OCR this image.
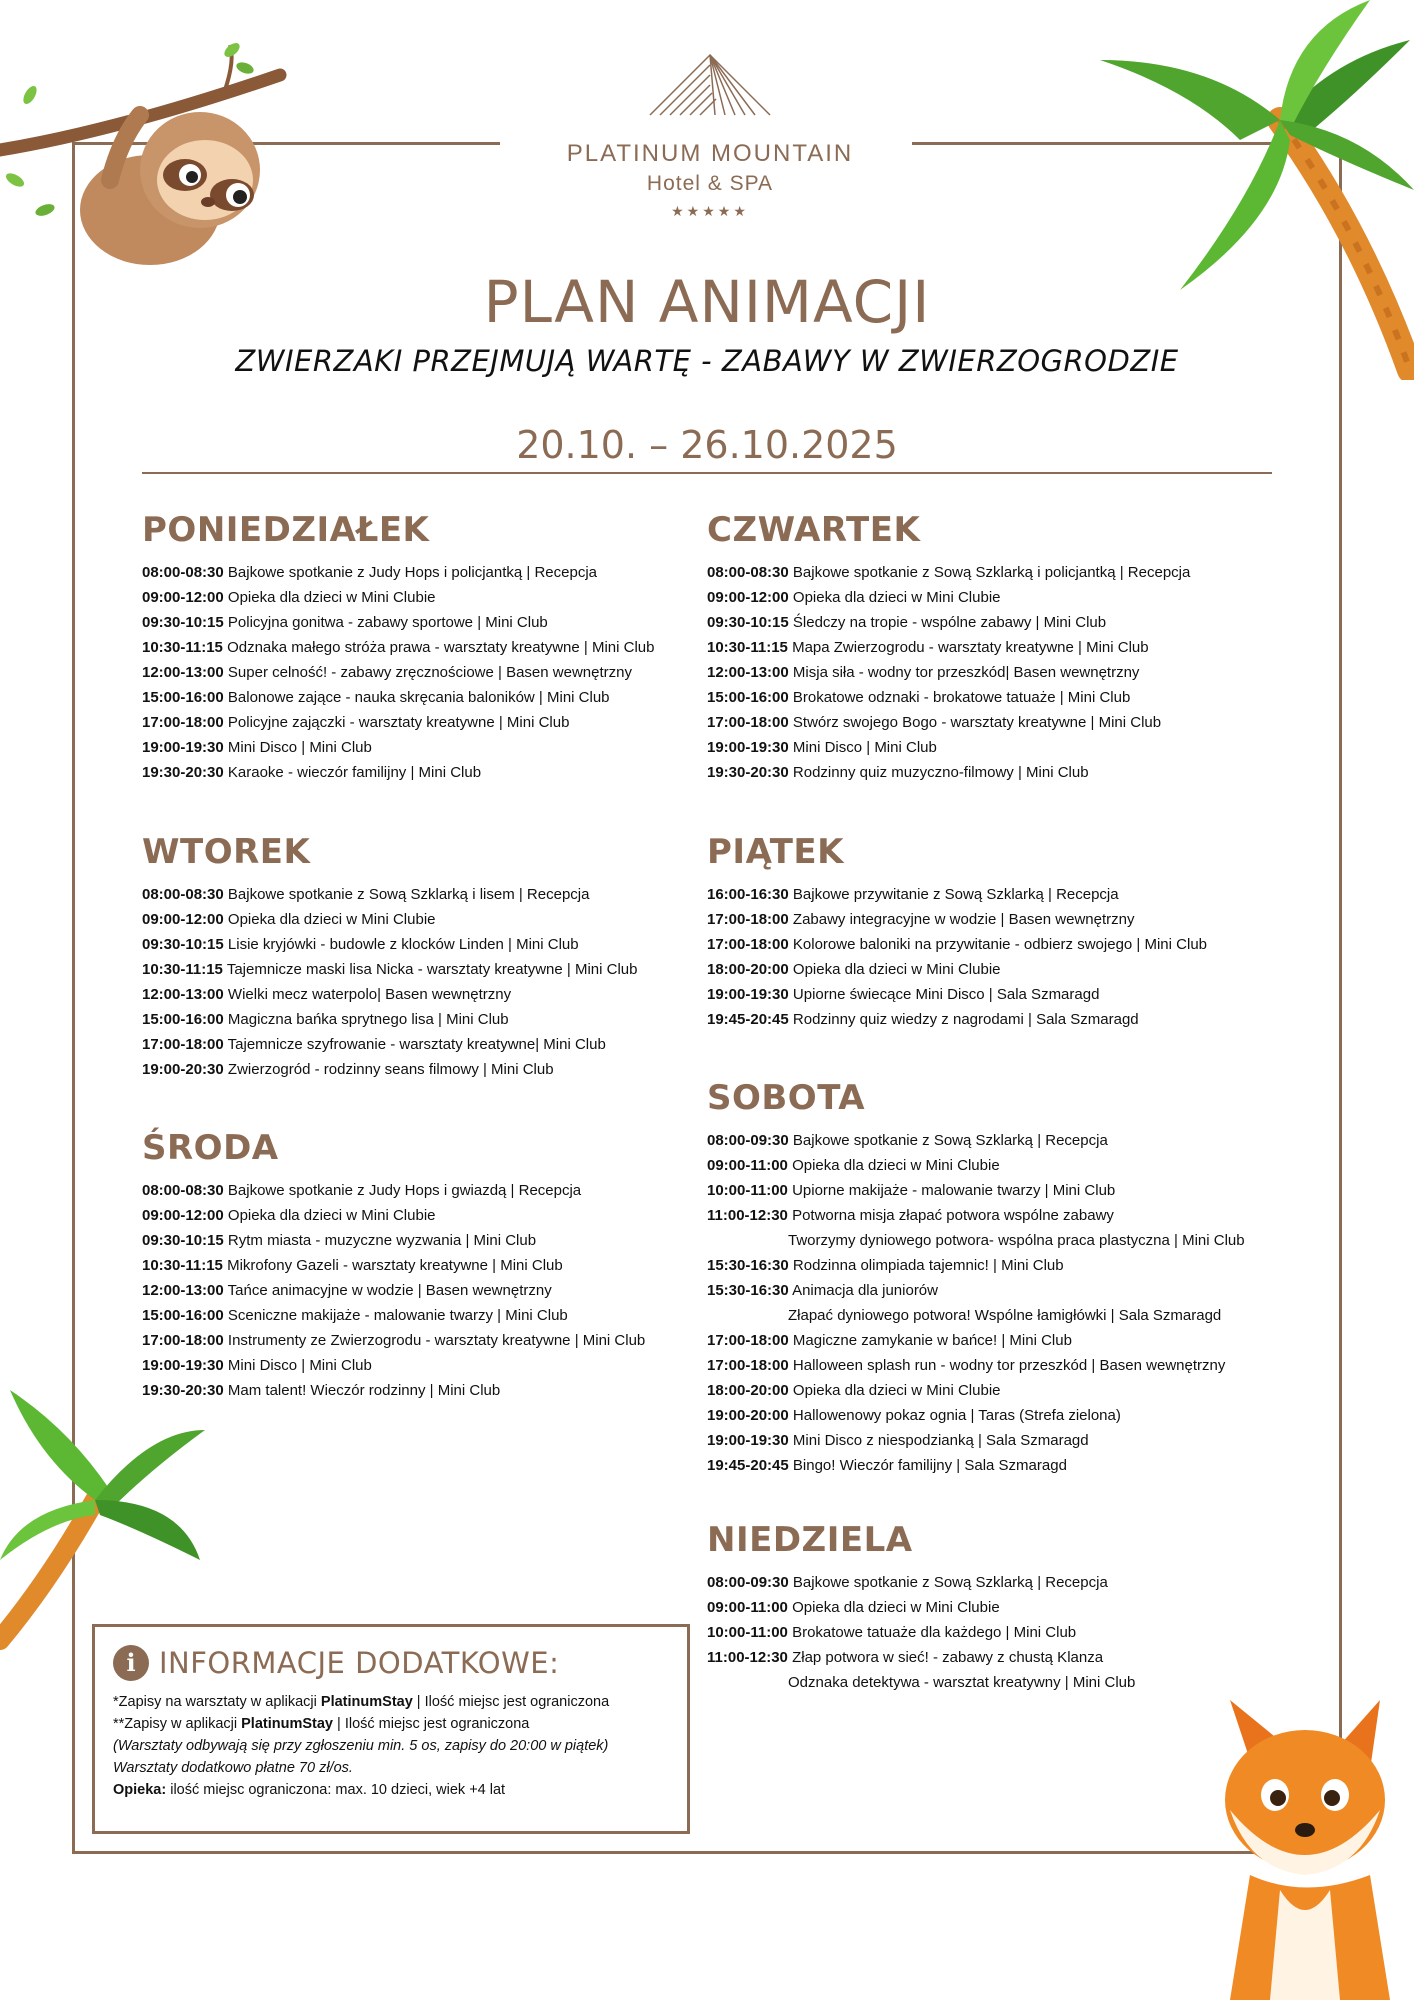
PLATINUM MOUNTAIN
Hotel & SPA
★★★★★
PLAN ANIMACJI
ZWIERZAKI PRZEJMUJĄ WARTĘ - ZABAWY W ZWIERZOGRODZIE
20.10. – 26.10.2025
PONIEDZIAŁEK
08:00-08:30 Bajkowe spotkanie z Judy Hops i policjantką | Recepcja
09:00-12:00 Opieka dla dzieci w Mini Clubie
09:30-10:15 Policyjna gonitwa - zabawy sportowe | Mini Club
10:30-11:15 Odznaka małego stróża prawa - warsztaty kreatywne | Mini Club
12:00-13:00 Super celność! - zabawy zręcznościowe | Basen wewnętrzny
15:00-16:00 Balonowe zające - nauka skręcania baloników | Mini Club
17:00-18:00 Policyjne zajączki - warsztaty kreatywne | Mini Club
19:00-19:30 Mini Disco | Mini Club
19:30-20:30 Karaoke - wieczór familijny | Mini Club
WTOREK
08:00-08:30 Bajkowe spotkanie z Sową Szklarką i lisem | Recepcja
09:00-12:00 Opieka dla dzieci w Mini Clubie
09:30-10:15 Lisie kryjówki - budowle z klocków Linden | Mini Club
10:30-11:15 Tajemnicze maski lisa Nicka - warsztaty kreatywne | Mini Club
12:00-13:00 Wielki mecz waterpolo| Basen wewnętrzny
15:00-16:00 Magiczna bańka sprytnego lisa | Mini Club
17:00-18:00 Tajemnicze szyfrowanie - warsztaty kreatywne| Mini Club
19:00-20:30 Zwierzogród - rodzinny seans filmowy | Mini Club
ŚRODA
08:00-08:30 Bajkowe spotkanie z Judy Hops i gwiazdą | Recepcja
09:00-12:00 Opieka dla dzieci w Mini Clubie
09:30-10:15 Rytm miasta - muzyczne wyzwania | Mini Club
10:30-11:15 Mikrofony Gazeli - warsztaty kreatywne | Mini Club
12:00-13:00 Tańce animacyjne w wodzie | Basen wewnętrzny
15:00-16:00 Sceniczne makijaże - malowanie twarzy | Mini Club
17:00-18:00 Instrumenty ze Zwierzogrodu - warsztaty kreatywne | Mini Club
19:00-19:30 Mini Disco | Mini Club
19:30-20:30 Mam talent! Wieczór rodzinny | Mini Club
CZWARTEK
08:00-08:30 Bajkowe spotkanie z Sową Szklarką i policjantką | Recepcja
09:00-12:00 Opieka dla dzieci w Mini Clubie
09:30-10:15 Śledczy na tropie - wspólne zabawy | Mini Club
10:30-11:15 Mapa Zwierzogrodu - warsztaty kreatywne | Mini Club
12:00-13:00 Misja siła - wodny tor przeszkód| Basen wewnętrzny
15:00-16:00 Brokatowe odznaki - brokatowe tatuaże | Mini Club
17:00-18:00 Stwórz swojego Bogo - warsztaty kreatywne | Mini Club
19:00-19:30 Mini Disco | Mini Club
19:30-20:30 Rodzinny quiz muzyczno-filmowy | Mini Club
PIĄTEK
16:00-16:30 Bajkowe przywitanie z Sową Szklarką | Recepcja
17:00-18:00 Zabawy integracyjne w wodzie | Basen wewnętrzny
17:00-18:00 Kolorowe baloniki na przywitanie - odbierz swojego | Mini Club
18:00-20:00 Opieka dla dzieci w Mini Clubie
19:00-19:30 Upiorne świecące Mini Disco | Sala Szmaragd
19:45-20:45 Rodzinny quiz wiedzy z nagrodami | Sala Szmaragd
SOBOTA
08:00-09:30 Bajkowe spotkanie z Sową Szklarką | Recepcja
09:00-11:00 Opieka dla dzieci w Mini Clubie
10:00-11:00 Upiorne makijaże - malowanie twarzy | Mini Club
11:00-12:30 Potworna misja złapać potwora wspólne zabawy
Tworzymy dyniowego potwora- wspólna praca plastyczna | Mini Club
15:30-16:30 Rodzinna olimpiada tajemnic! | Mini Club
15:30-16:30 Animacja dla juniorów
Złapać dyniowego potwora! Wspólne łamigłówki | Sala Szmaragd
17:00-18:00 Magiczne zamykanie w bańce! | Mini Club
17:00-18:00 Halloween splash run - wodny tor przeszkód | Basen wewnętrzny
18:00-20:00 Opieka dla dzieci w Mini Clubie
19:00-20:00 Hallowenowy pokaz ognia | Taras (Strefa zielona)
19:00-19:30 Mini Disco z niespodzianką | Sala Szmaragd
19:45-20:45 Bingo! Wieczór familijny | Sala Szmaragd
NIEDZIELA
08:00-09:30 Bajkowe spotkanie z Sową Szklarką | Recepcja
09:00-11:00 Opieka dla dzieci w Mini Clubie
10:00-11:00 Brokatowe tatuaże dla każdego | Mini Club
11:00-12:30 Złap potwora w sieć! - zabawy z chustą Klanza
Odznaka detektywa - warsztat kreatywny | Mini Club
i INFORMACJE DODATKOWE:
*Zapisy na warsztaty w aplikacji PlatinumStay | Ilość miejsc jest ograniczona
**Zapisy w aplikacji PlatinumStay | Ilość miejsc jest ograniczona
(Warsztaty odbywają się przy zgłoszeniu min. 5 os, zapisy do 20:00 w piątek)
Warsztaty dodatkowo płatne 70 zł/os.
Opieka: ilość miejsc ograniczona: max. 10 dzieci, wiek +4 lat
